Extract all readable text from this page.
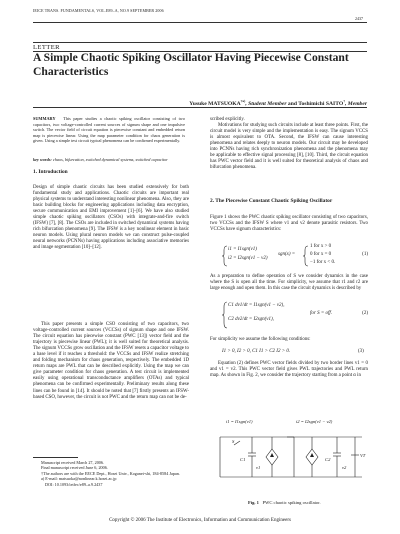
IEICE TRANS. FUNDAMENTALS, VOL.E89–A, NO.9 SEPTEMBER 2006
2437
LETTER
A Simple Chaotic Spiking Oscillator Having Piecewise Constant Characteristics
Yusuke MATSUOKA$^{\dagger a)}$, Student Member and Toshimichi SAITO†, Member
SUMMARY This paper studies a chaotic spiking oscillator consisting of two capacitors, two voltage-controlled current sources of signum shape and one impulsive switch. The vector field of circuit equation is piecewise constant and embedded return map is piecewise linear. Using the map parameter condition for chaos generation is given. Using a simple test circuit typical phenomena can be confirmed experimentally.
key words: chaos, bifurcation, switched dynamical systems, switched capacitor
1. Introduction
Design of simple chaotic circuits has been studied extensively for both fundamental study and applications. Chaotic circuits are important real physical systems to understand interesting nonlinear phenomena. Also, they are basic building blocks for engineering applications including data encryption, secure communication and EMI improvement [1]–[6]. We have also studied simple chaotic spiking oscillators (CSOs) with integrate-and-fire switch (IFSW) [7], [8]. The CSOs are included in switched dynamical systems having rich bifurcation phenomena [9]. The IFSW is a key nonlinear element in basic neuron models. Using plural neuron models we can construct pulse-coupled neural networks (PCNNs) having applications including associative memories and image segmentation [10]–[12].
This paper presents a simple CSO consisting of two capacitors, two voltage-controlled current sources (VCCSs) of signum shape and one IFSW. The circuit equation has piecewise constant (PWC [13]) vector field and the trajectory is piecewise linear (PWL); it is well suited for theoretical analysis. The signum VCCSs grow oscillation and the IFSW resets a capacitor voltage to a base level if it reaches a threshold: the VCCSs and IFSW realize stretching and folding mechanism for chaos generation, respectively. The embedded 1D return maps are PWL that can be described explicitly. Using the map we can give parameter condition for chaos generation. A test circuit is implemented easily using operational transconductance amplifiers (OTAs) and typical phenomena can be confirmed experimentally. Preliminary results along these lines can be found in [14]. It should be noted that [7] firstly presents an IFSW-based CSO, however, the circuit is not PWC and the return map can not be de-
Manuscript received March 27, 2006.
Final manuscript received June 6, 2006.
†The authors are with the EECE Dept., Hosei Univ., Koganei-shi, 184-8584 Japan.
a) E-mail: matsuoka@nonlinear.k.hosei.ac.jp
DOI: 10.1093/ietfec/e89–a.9.2437
scribed explicitly.
Motivations for studying such circuits include at least three points. First, the circuit model is very simple and the implementation is easy. The signum VCCS is almost equivalent to OTA. Second, the IFSW can cause interesting phenomena and relates deeply to neuron models. Our circuit may be developed into PCNNs having rich synchronization phenomena and the phenomena may be applicable to effective signal processing [8], [10]. Third, the circuit equation has PWC vector field and it is well suited for theoretical analysis of chaos and bifurcation phenomena.
2. The Piecewise Constant Chaotic Spiking Oscillator
Figure 1 shows the PWC chaotic spiking oscillator consisting of two capacitors, two VCCSs and the IFSW S where v1 and v2 denote parasitic resistors. Two VCCSs have signum characteristics:
i1 = I1sgn(v1)
i2 = I2sgn(v1 − v2)
sgn(x) =
1 for x > 0
0 for x = 0
−1 for x < 0.
(1)
As a preparation to define operation of S we consider dynamics in the case where the S is open all the time. For simplicity, we assume that r1 and r2 are large enough and open them. In this case the circuit dynamics is described by
C1 dv1/dt = I1sgn(v1 − v2),
C2 dv2/dt = I2sgn(v1),
for S = off.	(2)
For simplicity we assume the following conditions:
I1 > 0, I2 > 0, C1 I1 > C2 I2 > 0.	(3)
Equation (2) defines PWC vector fields divided by two border lines v1 = 0 and v1 = v2. This PWC vector field gives PWL trajectories and PWL return map. As shown in Fig. 2, we consider the trajectory starting from a point α in
i1 = I1sgn(v1)	i2 = I2sgn(v1 − v2)
S
C1	C2
v1	v2
VT
Fig. 1 PWC chaotic spiking oscillator.
Copyright © 2006 The Institute of Electronics, Information and Communication Engineers
